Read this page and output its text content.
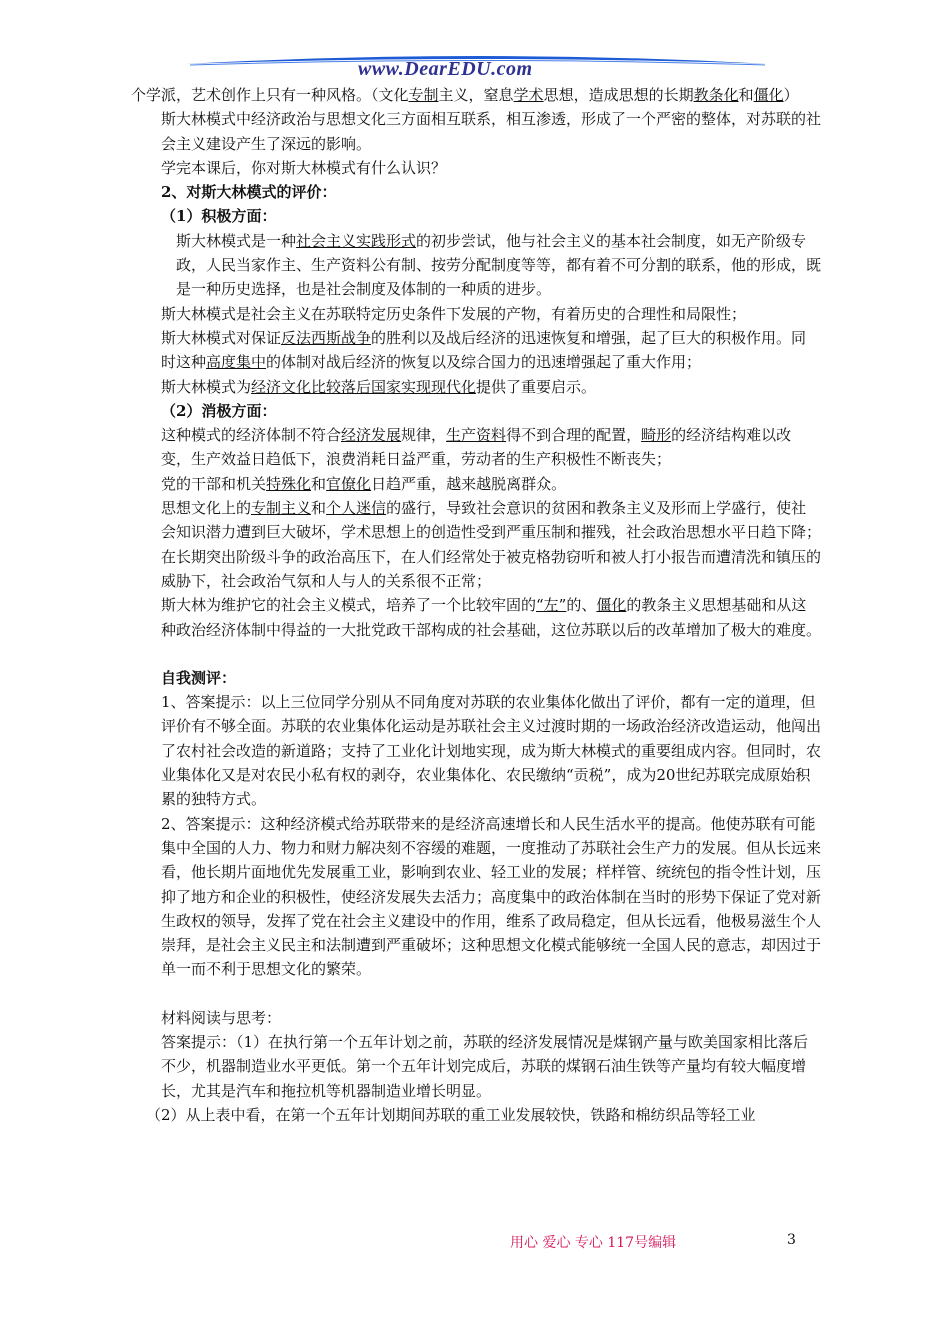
www.DearEDU.com

个学派，艺术创作上只有一种风格。（文化专制主义，窒息学术思想，造成思想的长期教条化和僵化）

斯大林模式中经济政治与思想文化三方面相互联系，相互渗透，形成了一个严密的整体，对苏联的社会主义建设产生了深远的影响。

学完本课后，你对斯大林模式有什么认识？

2、对斯大林模式的评价：

（1）积极方面：

斯大林模式是一种社会主义实践形式的初步尝试，他与社会主义的基本社会制度，如无产阶级专政，人民当家作主、生产资料公有制、按劳分配制度等等，都有着不可分割的联系，他的形成，既是一种历史选择，也是社会制度及体制的一种质的进步。

斯大林模式是社会主义在苏联特定历史条件下发展的产物，有着历史的合理性和局限性；

斯大林模式对保证反法西斯战争的胜利以及战后经济的迅速恢复和增强，起了巨大的积极作用。同时这种高度集中的体制对战后经济的恢复以及综合国力的迅速增强起了重大作用；

斯大林模式为经济文化比较落后国家实现现代化提供了重要启示。

（2）消极方面：

这种模式的经济体制不符合经济发展规律，生产资料得不到合理的配置，畸形的经济结构难以改变，生产效益日趋低下，浪费消耗日益严重，劳动者的生产积极性不断丧失；

党的干部和机关特殊化和官僚化日趋严重，越来越脱离群众。

思想文化上的专制主义和个人迷信的盛行，导致社会意识的贫困和教条主义及形而上学盛行，使社会知识潜力遭到巨大破坏，学术思想上的创造性受到严重压制和摧残，社会政治思想水平日趋下降；

在长期突出阶级斗争的政治高压下，在人们经常处于被克格勃窃听和被人打小报告而遭清洗和镇压的威胁下，社会政治气氛和人与人的关系很不正常；

斯大林为维护它的社会主义模式，培养了一个比较牢固的“左”的、僵化的教条主义思想基础和从这种政治经济体制中得益的一大批党政干部构成的社会基础，这位苏联以后的改革增加了极大的难度。

自我测评：

1、答案提示：以上三位同学分别从不同角度对苏联的农业集体化做出了评价，都有一定的道理，但评价有不够全面。苏联的农业集体化运动是苏联社会主义过渡时期的一场政治经济改造运动，他闯出了农村社会改造的新道路；支持了工业化计划地实现，成为斯大林模式的重要组成内容。但同时，农业集体化又是对农民小私有权的剥夺，农业集体化、农民缴纳“贡税”，成为20世纪苏联完成原始积累的独特方式。

2、答案提示：这种经济模式给苏联带来的是经济高速增长和人民生活水平的提高。他使苏联有可能集中全国的人力、物力和财力解决刻不容缓的难题，一度推动了苏联社会生产力的发展。但从长远来看，他长期片面地优先发展重工业，影响到农业、轻工业的发展；样样管、统统包的指令性计划，压抑了地方和企业的积极性，使经济发展失去活力；高度集中的政治体制在当时的形势下保证了党对新生政权的领导，发挥了党在社会主义建设中的作用，维系了政局稳定，但从长远看，他极易滋生个人崇拜，是社会主义民主和法制遭到严重破坏；这种思想文化模式能够统一全国人民的意志，却因过于单一而不利于思想文化的繁荣。

材料阅读与思考：

答案提示：（1）在执行第一个五年计划之前，苏联的经济发展情况是煤钢产量与欧美国家相比落后不少，机器制造业水平更低。第一个五年计划完成后，苏联的煤钢石油生铁等产量均有较大幅度增长，尤其是汽车和拖拉机等机器制造业增长明显。

（2）从上表中看，在第一个五年计划期间苏联的重工业发展较快，铁路和棉纺织品等轻工业

用心 爱心 专心 117号编辑	3
